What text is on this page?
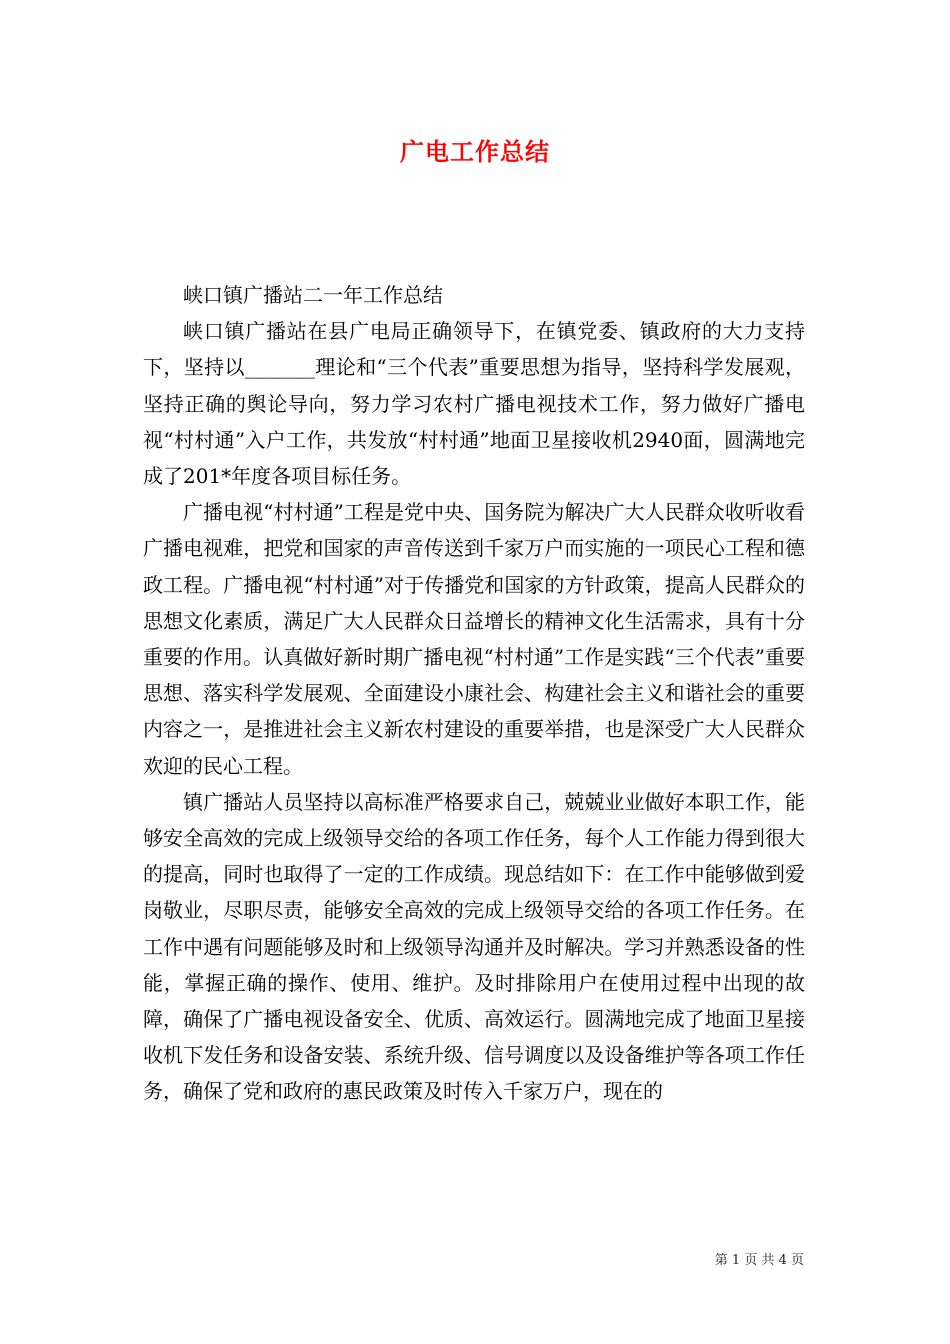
广电工作总结

峡口镇广播站二一年工作总结

峡口镇广播站在县广电局正确领导下，在镇党委、镇政府的大力支持下，坚持以_______理论和“三个代表”重要思想为指导，坚持科学发展观，坚持正确的舆论导向，努力学习农村广播电视技术工作，努力做好广播电视“村村通”入户工作，共发放“村村通”地面卫星接收机2940面，圆满地完成了201*年度各项目标任务。

广播电视“村村通”工程是党中央、国务院为解决广大人民群众收听收看广播电视难，把党和国家的声音传送到千家万户而实施的一项民心工程和德政工程。广播电视“村村通”对于传播党和国家的方针政策，提高人民群众的思想文化素质，满足广大人民群众日益增长的精神文化生活需求，具有十分重要的作用。认真做好新时期广播电视“村村通”工作是实践“三个代表”重要思想、落实科学发展观、全面建设小康社会、构建社会主义和谐社会的重要内容之一，是推进社会主义新农村建设的重要举措，也是深受广大人民群众欢迎的民心工程。

镇广播站人员坚持以高标准严格要求自己，兢兢业业做好本职工作，能够安全高效的完成上级领导交给的各项工作任务，每个人工作能力得到很大的提高，同时也取得了一定的工作成绩。现总结如下：在工作中能够做到爱岗敬业，尽职尽责，能够安全高效的完成上级领导交给的各项工作任务。在工作中遇有问题能够及时和上级领导沟通并及时解决。学习并熟悉设备的性能，掌握正确的操作、使用、维护。及时排除用户在使用过程中出现的故障，确保了广播电视设备安全、优质、高效运行。圆满地完成了地面卫星接收机下发任务和设备安装、系统升级、信号调度以及设备维护等各项工作任务，确保了党和政府的惠民政策及时传入千家万户，现在的

第 1 页 共 4 页
